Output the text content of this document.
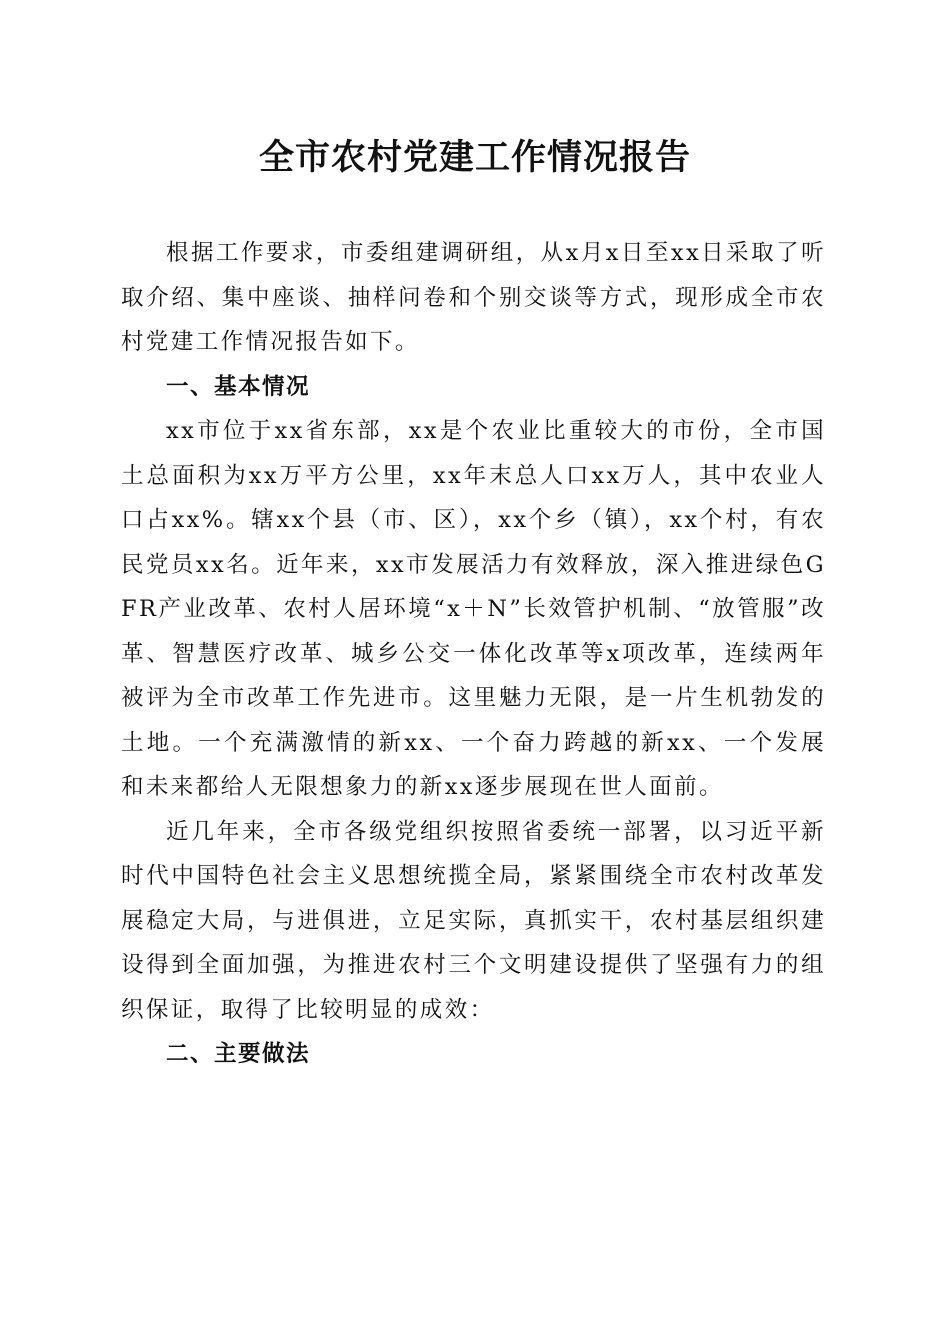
全市农村党建工作情况报告

根据工作要求，市委组建调研组，从x月x日至xx日采取了听取介绍、集中座谈、抽样问卷和个别交谈等方式，现形成全市农村党建工作情况报告如下。

一、基本情况

xx市位于xx省东部，xx是个农业比重较大的市份，全市国土总面积为xx万平方公里，xx年末总人口xx万人，其中农业人口占xx%。辖xx个县（市、区），xx个乡（镇），xx个村，有农民党员xx名。近年来，xx市发展活力有效释放，深入推进绿色GFR产业改革、农村人居环境“x＋N”长效管护机制、“放管服”改革、智慧医疗改革、城乡公交一体化改革等x项改革，连续两年被评为全市改革工作先进市。这里魅力无限，是一片生机勃发的土地。一个充满激情的新xx、一个奋力跨越的新xx、一个发展和未来都给人无限想象力的新xx逐步展现在世人面前。

近几年来，全市各级党组织按照省委统一部署，以习近平新时代中国特色社会主义思想统揽全局，紧紧围绕全市农村改革发展稳定大局，与进俱进，立足实际，真抓实干，农村基层组织建设得到全面加强，为推进农村三个文明建设提供了坚强有力的组织保证，取得了比较明显的成效：

二、主要做法
